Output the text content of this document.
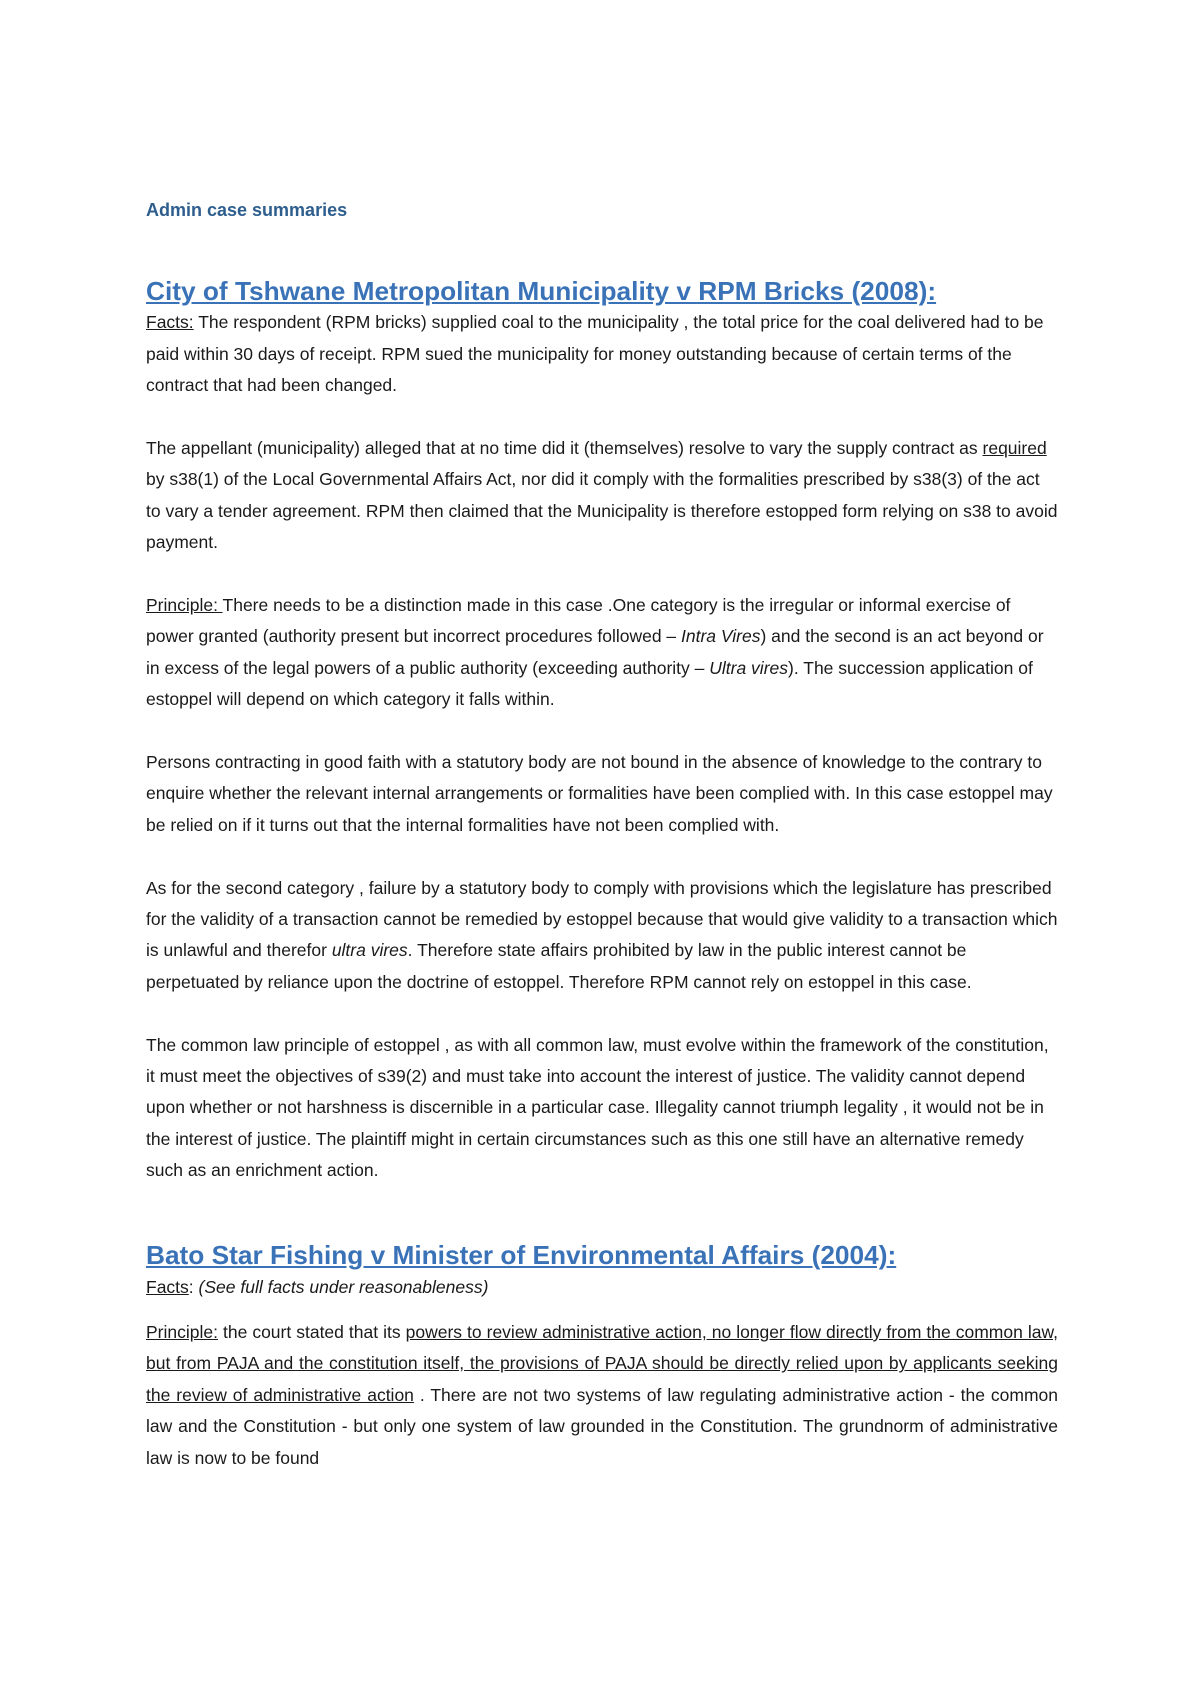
Admin case summaries
City of Tshwane Metropolitan Municipality v RPM Bricks (2008):

Facts: The respondent (RPM bricks) supplied coal to the municipality , the total price for the coal delivered had to be paid within 30 days of receipt. RPM sued the municipality for money outstanding because of certain terms of the contract that had been changed.

The appellant (municipality) alleged that at no time did it (themselves) resolve to vary the supply contract as required by s38(1) of the Local Governmental Affairs Act, nor did it comply with the formalities prescribed by s38(3) of the act to vary a tender agreement. RPM then claimed that the Municipality is therefore estopped form relying on s38 to avoid payment.

Principle: There needs to be a distinction made in this case .One category is the irregular or informal exercise of power granted (authority present but incorrect procedures followed – Intra Vires) and the second is an act beyond or in excess of the legal powers of a public authority (exceeding authority – Ultra vires). The succession application of estoppel will depend on which category it falls within.

Persons contracting in good faith with a statutory body are not bound in the absence of knowledge to the contrary to enquire whether the relevant internal arrangements or formalities have been complied with. In this case estoppel may be relied on if it turns out that the internal formalities have not been complied with.

As for the second category , failure by a statutory body to comply with provisions which the legislature has prescribed for the validity of a transaction cannot be remedied by estoppel because that would give validity to a transaction which is unlawful and therefor ultra vires. Therefore state affairs prohibited by law in the public interest cannot be perpetuated by reliance upon the doctrine of estoppel. Therefore RPM cannot rely on estoppel in this case.

The common law principle of estoppel , as with all common law, must evolve within the framework of the constitution, it must meet the objectives of s39(2) and must take into account the interest of justice. The validity cannot depend upon whether or not harshness is discernible in a particular case. Illegality cannot triumph legality , it would not be in the interest of justice. The plaintiff might in certain circumstances such as this one still have an alternative remedy such as an enrichment action.

Bato Star Fishing v Minister of Environmental Affairs (2004):

Facts: (See full facts under reasonableness)

Principle: the court stated that its powers to review administrative action, no longer flow directly from the common law, but from PAJA and the constitution itself, the provisions of PAJA should be directly relied upon by applicants seeking the review of administrative action . There are not two systems of law regulating administrative action - the common law and the Constitution - but only one system of law grounded in the Constitution. The grundnorm of administrative law is now to be found
